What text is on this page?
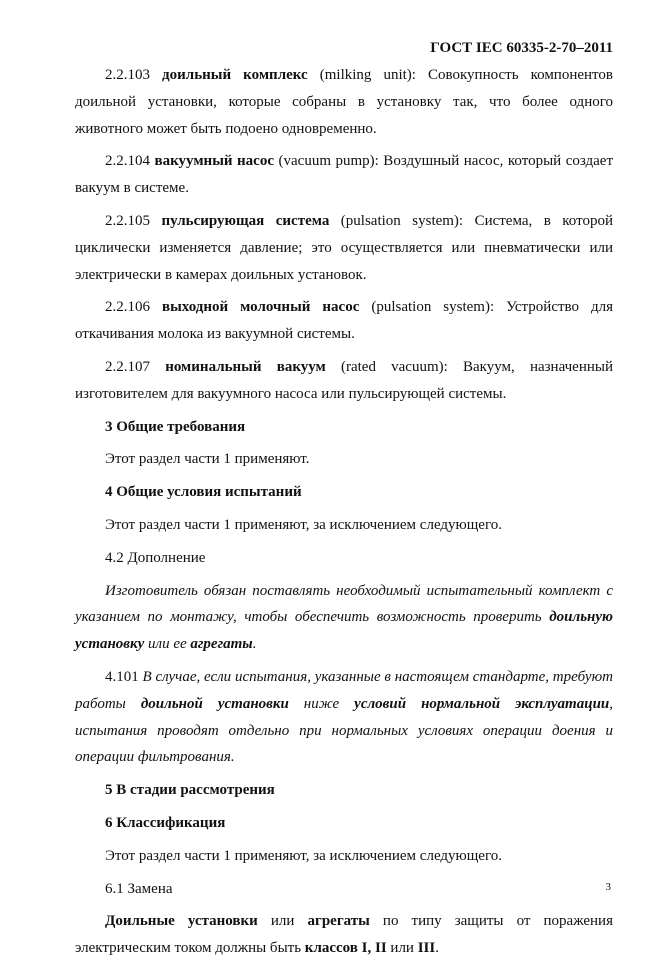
ГОСТ IEC 60335-2-70–2011

2.2.103 доильный комплекс (milking unit): Совокупность компонентов доильной установки, которые собраны в установку так, что более одного животного может быть подоено одновременно.

2.2.104 вакуумный насос (vacuum pump): Воздушный насос, который создает вакуум в системе.

2.2.105 пульсирующая система (pulsation system): Система, в которой циклически изменяется давление; это осуществляется или пневматически или электрически в камерах доильных установок.

2.2.106 выходной молочный насос (pulsation system): Устройство для откачивания молока из вакуумной системы.

2.2.107 номинальный вакуум (rated vacuum): Вакуум, назначенный изготовителем для вакуумного насоса или пульсирующей системы.

3 Общие требования

Этот раздел части 1 применяют.

4 Общие условия испытаний

Этот раздел части 1 применяют, за исключением следующего.

4.2 Дополнение

Изготовитель обязан поставлять необходимый испытательный комплект с указанием по монтажу, чтобы обеспечить возможность проверить доильную установку или ее агрегаты.

4.101 В случае, если испытания, указанные в настоящем стандарте, требуют работы доильной установки ниже условий нормальной эксплуатации, испытания проводят отдельно при нормальных условиях операции доения и операции фильтрования.

5 В стадии рассмотрения

6 Классификация

Этот раздел части 1 применяют, за исключением следующего.

6.1 Замена

Доильные установки или агрегаты по типу защиты от поражения электрическим током должны быть классов I, II или III.

3
